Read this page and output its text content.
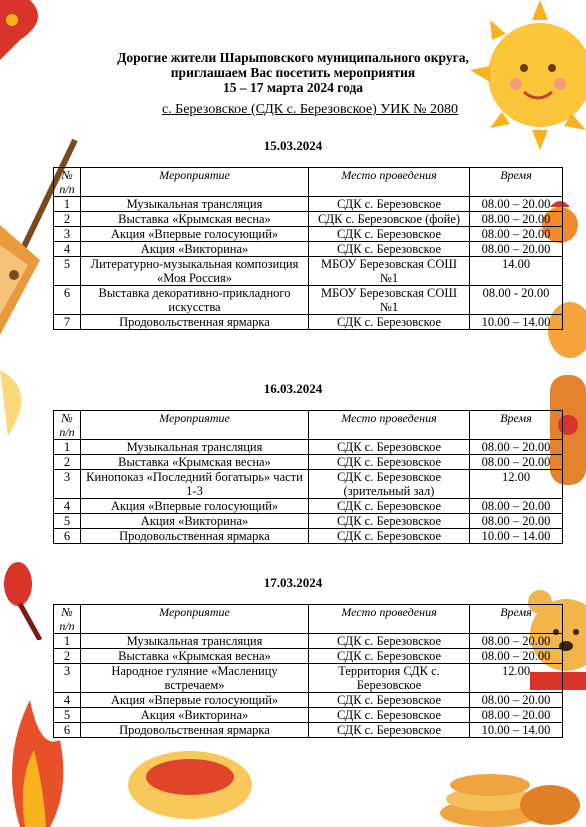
Дорогие жители Шарыповского муниципального округа,
приглашаем Вас посетить мероприятия
15 – 17 марта 2024 года
с. Березовское (СДК с. Березовское) УИК № 2080
15.03.2024
№ п/п	Мероприятие	Место проведения	Время
1	Музыкальная трансляция	СДК с. Березовское	08.00 – 20.00
2	Выставка «Крымская весна»	СДК с. Березовское (фойе)	08.00 – 20.00
3	Акция «Впервые голосующий»	СДК с. Березовское	08.00 – 20.00
4	Акция «Викторина»	СДК с. Березовское	08.00 – 20.00
5	Литературно-музыкальная композиция «Моя Россия»	МБОУ Березовская СОШ №1	14.00
6	Выставка декоративно-прикладного искусства	МБОУ Березовская СОШ №1	08.00 - 20.00
7	Продовольственная ярмарка	СДК с. Березовское	10.00 – 14.00
16.03.2024
№ п/п	Мероприятие	Место проведения	Время
1	Музыкальная трансляция	СДК с. Березовское	08.00 – 20.00
2	Выставка «Крымская весна»	СДК с. Березовское	08.00 – 20.00
3	Кинопоказ «Последний богатырь» части 1-3	СДК с. Березовское (зрительный зал)	12.00
4	Акция «Впервые голосующий»	СДК с. Березовское	08.00 – 20.00
5	Акция «Викторина»	СДК с. Березовское	08.00 – 20.00
6	Продовольственная ярмарка	СДК с. Березовское	10.00 – 14.00
17.03.2024
№ п/п	Мероприятие	Место проведения	Время
1	Музыкальная трансляция	СДК с. Березовское	08.00 – 20.00
2	Выставка «Крымская весна»	СДК с. Березовское	08.00 – 20.00
3	Народное гуляние «Масленицу встречаем»	Территория СДК с. Березовское	12.00
4	Акция «Впервые голосующий»	СДК с. Березовское	08.00 – 20.00
5	Акция «Викторина»	СДК с. Березовское	08.00 – 20.00
6	Продовольственная ярмарка	СДК с. Березовское	10.00 – 14.00
